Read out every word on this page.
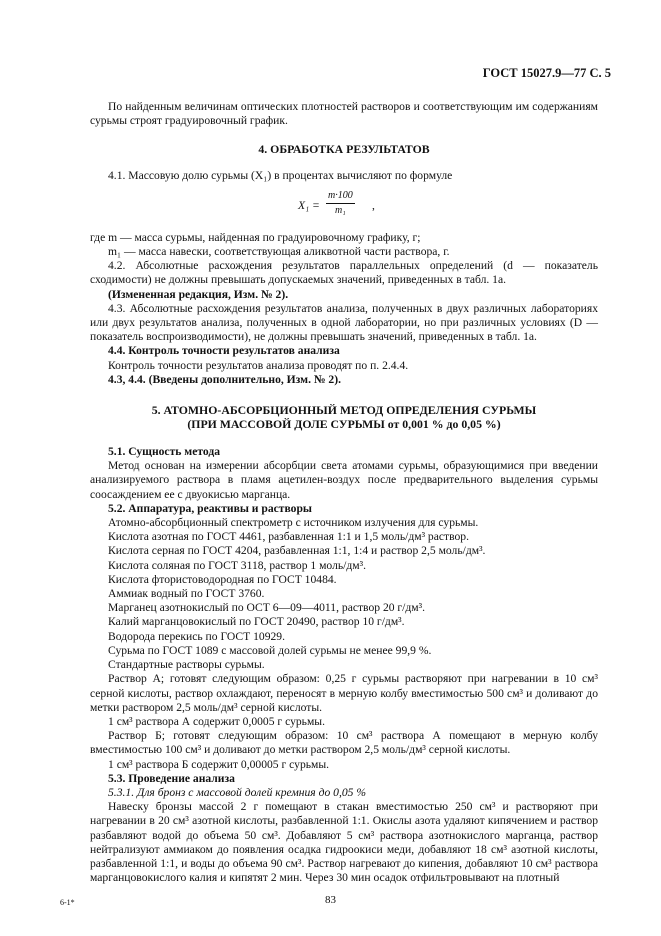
ГОСТ 15027.9—77 С. 5

По найденным величинам оптических плотностей растворов и соответствующим им содержаниям сурьмы строят градуировочный график.

4. ОБРАБОТКА РЕЗУЛЬТАТОВ

4.1. Массовую долю сурьмы (X₁) в процентах вычисляют по формуле

$X_1 = \frac{m\cdot 100}{\text{m₁}}$ ,

где m — масса сурьмы, найденная по градуировочному графику, г;

m₁ — масса навески, соответствующая аликвотной части раствора, г.

4.2. Абсолютные расхождения результатов параллельных определений (d — показатель сходимости) не должны превышать допускаемых значений, приведенных в табл. 1а.

(Измененная редакция, Изм. № 2).

4.3. Абсолютные расхождения результатов анализа, полученных в двух различных лабораториях или двух результатов анализа, полученных в одной лаборатории, но при различных условиях (D — показатель воспроизводимости), не должны превышать значений, приведенных в табл. 1а.

4.4. Контроль точности результатов анализа

Контроль точности результатов анализа проводят по п. 2.4.4.

4.3, 4.4. (Введены дополнительно, Изм. № 2).

5. АТОМНО-АБСОРБЦИОННЫЙ МЕТОД ОПРЕДЕЛЕНИЯ СУРЬМЫ
(ПРИ МАССОВОЙ ДОЛЕ СУРЬМЫ от 0,001 % до 0,05 %)

5.1. Сущность метода

Метод основан на измерении абсорбции света атомами сурьмы, образующимися при введении анализируемого раствора в пламя ацетилен-воздух после предварительного выделения сурьмы соосаждением ее с двуокисью марганца.

5.2. Аппаратура, реактивы и растворы

Атомно-абсорбционный спектрометр с источником излучения для сурьмы.

Кислота азотная по ГОСТ 4461, разбавленная 1:1 и 1,5 моль/дм³ раствор.

Кислота серная по ГОСТ 4204, разбавленная 1:1, 1:4 и раствор 2,5 моль/дм³.

Кислота соляная по ГОСТ 3118, раствор 1 моль/дм³.

Кислота фтористоводородная по ГОСТ 10484.

Аммиак водный по ГОСТ 3760.

Марганец азотнокислый по ОСТ 6—09—4011, раствор 20 г/дм³.

Калий марганцовокислый по ГОСТ 20490, раствор 10 г/дм³.

Водорода перекись по ГОСТ 10929.

Сурьма по ГОСТ 1089 с массовой долей сурьмы не менее 99,9 %.

Стандартные растворы сурьмы.

Раствор А; готовят следующим образом: 0,25 г сурьмы растворяют при нагревании в 10 см³ серной кислоты, раствор охлаждают, переносят в мерную колбу вместимостью 500 см³ и доливают до метки раствором 2,5 моль/дм³ серной кислоты.

1 см³ раствора А содержит 0,0005 г сурьмы.

Раствор Б; готовят следующим образом: 10 см³ раствора А помещают в мерную колбу вместимостью 100 см³ и доливают до метки раствором 2,5 моль/дм³ серной кислоты.

1 см³ раствора Б содержит 0,00005 г сурьмы.

5.3. Проведение анализа

5.3.1. Для бронз с массовой долей кремния до 0,05 %

Навеску бронзы массой 2 г помещают в стакан вместимостью 250 см³ и растворяют при нагревании в 20 см³ азотной кислоты, разбавленной 1:1. Окислы азота удаляют кипячением и раствор разбавляют водой до объема 50 см³. Добавляют 5 см³ раствора азотнокислого марганца, раствор нейтрализуют аммиаком до появления осадка гидроокиси меди, добавляют 18 см³ азотной кислоты, разбавленной 1:1, и воды до объема 90 см³. Раствор нагревают до кипения, добавляют 10 см³ раствора марганцовокислого калия и кипятят 2 мин. Через 30 мин осадок отфильтровывают на плотный

6-1*	83
